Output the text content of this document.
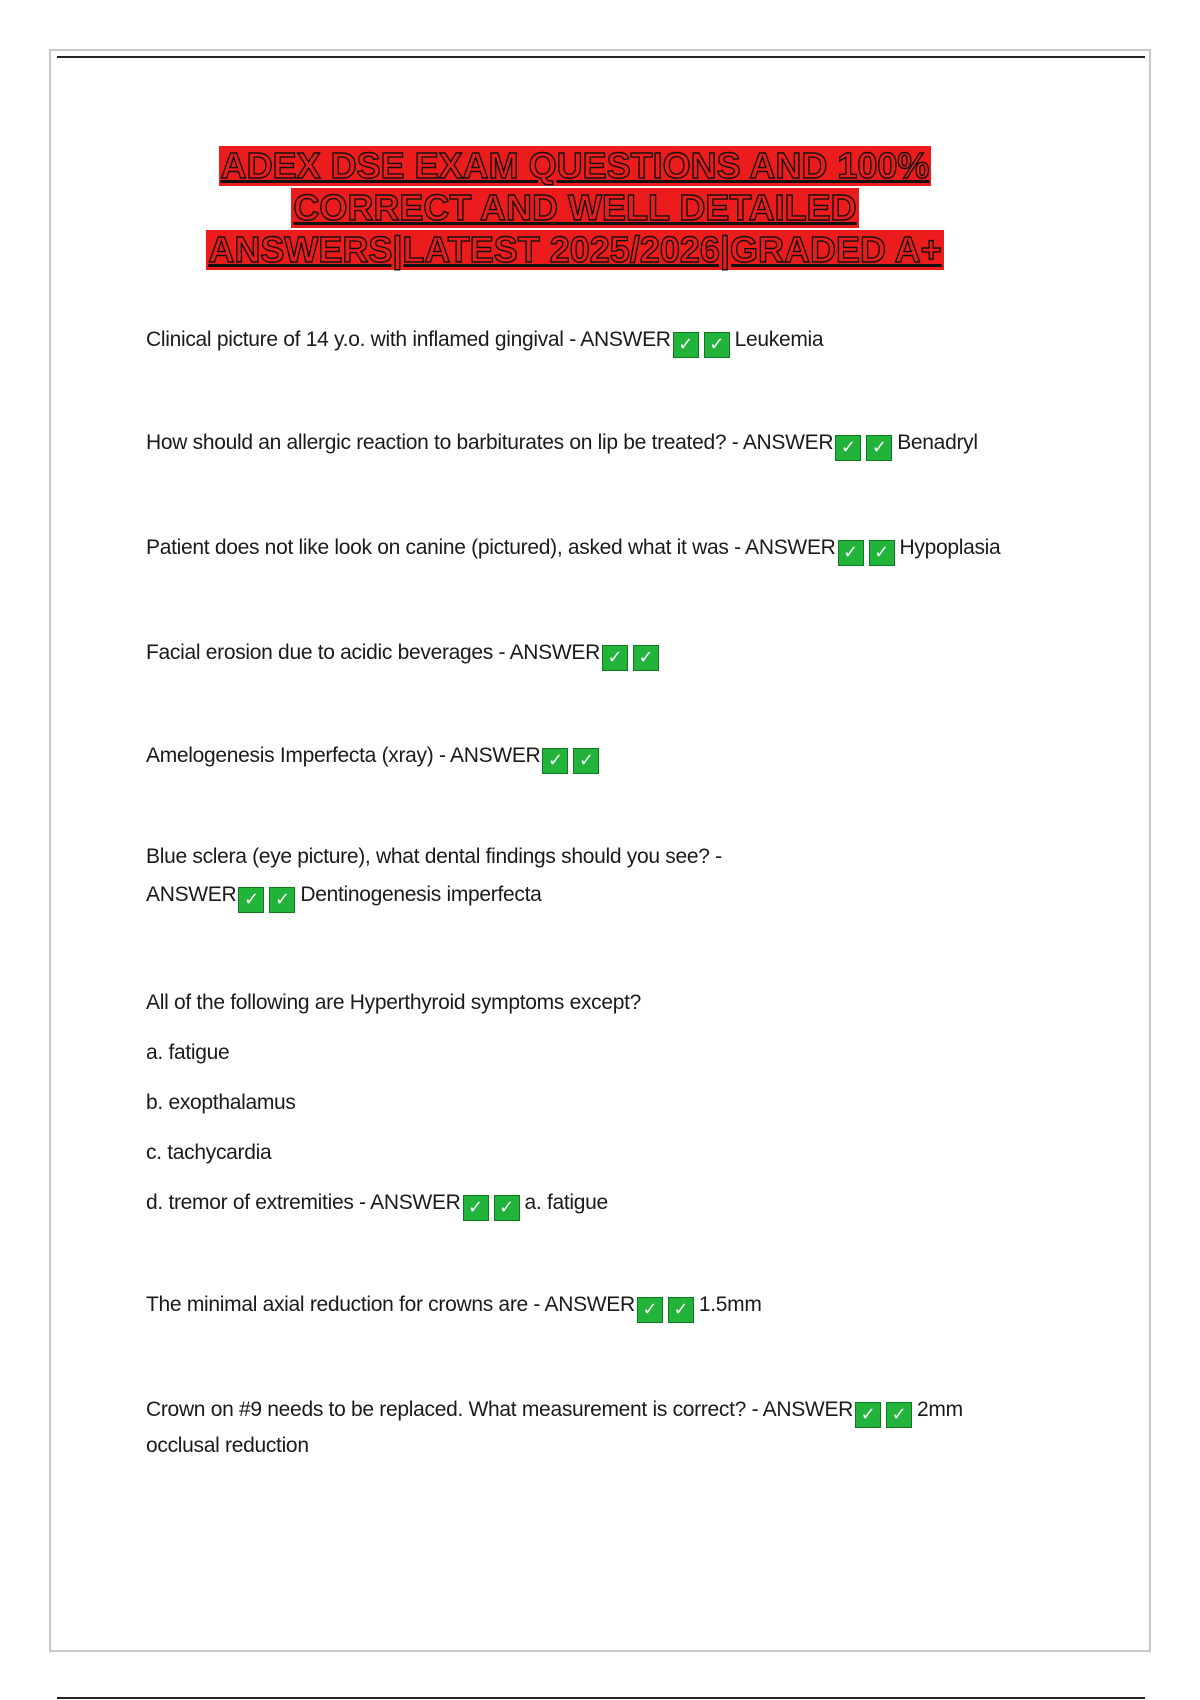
ADEX DSE EXAM QUESTIONS AND 100%
CORRECT AND WELL DETAILED
ANSWERS|LATEST 2025/2026|GRADED A+
Clinical picture of 14 y.o. with inflamed gingival - ANSWER ✓ ✓ Leukemia
How should an allergic reaction to barbiturates on lip be treated? - ANSWER ✓ ✓ Benadryl
Patient does not like look on canine (pictured), asked what it was - ANSWER ✓ ✓ Hypoplasia
Facial erosion due to acidic beverages - ANSWER ✓ ✓
Amelogenesis Imperfecta (xray) - ANSWER ✓ ✓
Blue sclera (eye picture), what dental findings should you see? -
ANSWER ✓ ✓ Dentinogenesis imperfecta
All of the following are Hyperthyroid symptoms except?
a. fatigue
b. exopthalamus
c. tachycardia
d. tremor of extremities - ANSWER ✓ ✓ a. fatigue
The minimal axial reduction for crowns are - ANSWER ✓ ✓ 1.5mm
Crown on #9 needs to be replaced. What measurement is correct? - ANSWER ✓ ✓ 2mm
occlusal reduction
